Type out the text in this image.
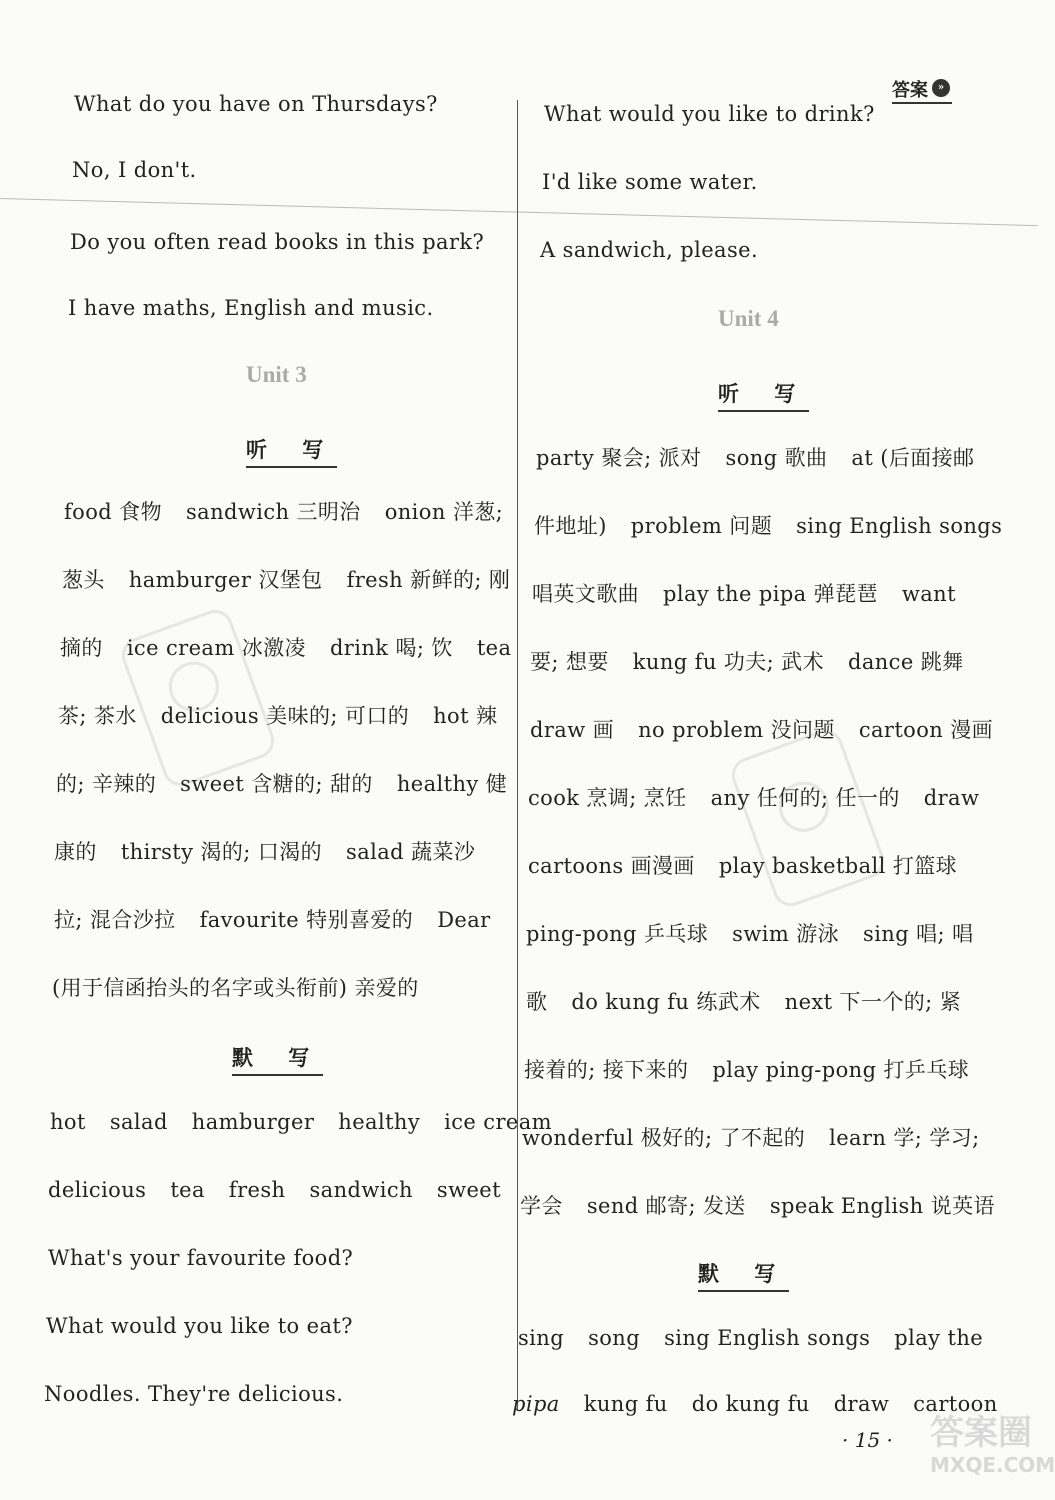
答案 »
What do you have on Thursdays?
No, I don't.
Do you often read books in this park?
I have maths, English and music.
Unit 3
听 写
food 食物 sandwich 三明治 onion 洋葱;
葱头 hamburger 汉堡包 fresh 新鲜的; 刚
摘的 ice cream 冰激凌 drink 喝; 饮 tea
茶; 茶水 delicious 美味的; 可口的 hot 辣
的; 辛辣的 sweet 含糖的; 甜的 healthy 健
康的 thirsty 渴的; 口渴的 salad 蔬菜沙
拉; 混合沙拉 favourite 特别喜爱的 Dear
(用于信函抬头的名字或头衔前) 亲爱的
默 写
hot salad hamburger healthy ice cream
delicious tea fresh sandwich sweet
What's your favourite food?
What would you like to eat?
Noodles. They're delicious.
What would you like to drink?
I'd like some water.
A sandwich, please.
Unit 4
听 写
party 聚会; 派对 song 歌曲 at (后面接邮
件地址) problem 问题 sing English songs
唱英文歌曲 play the pipa 弹琵琶 want
要; 想要 kung fu 功夫; 武术 dance 跳舞
draw 画 no problem 没问题 cartoon 漫画
cook 烹调; 烹饪 any 任何的; 任一的 draw
cartoons 画漫画 play basketball 打篮球
ping-pong 乒乓球 swim 游泳 sing 唱; 唱
歌 do kung fu 练武术 next 下一个的; 紧
接着的; 接下来的 play ping-pong 打乒乓球
wonderful 极好的; 了不起的 learn 学; 学习;
学会 send 邮寄; 发送 speak English 说英语
默 写
sing song sing English songs play the
pipa kung fu do kung fu draw cartoon
· 15 · 答案圈
MXQE.COM
